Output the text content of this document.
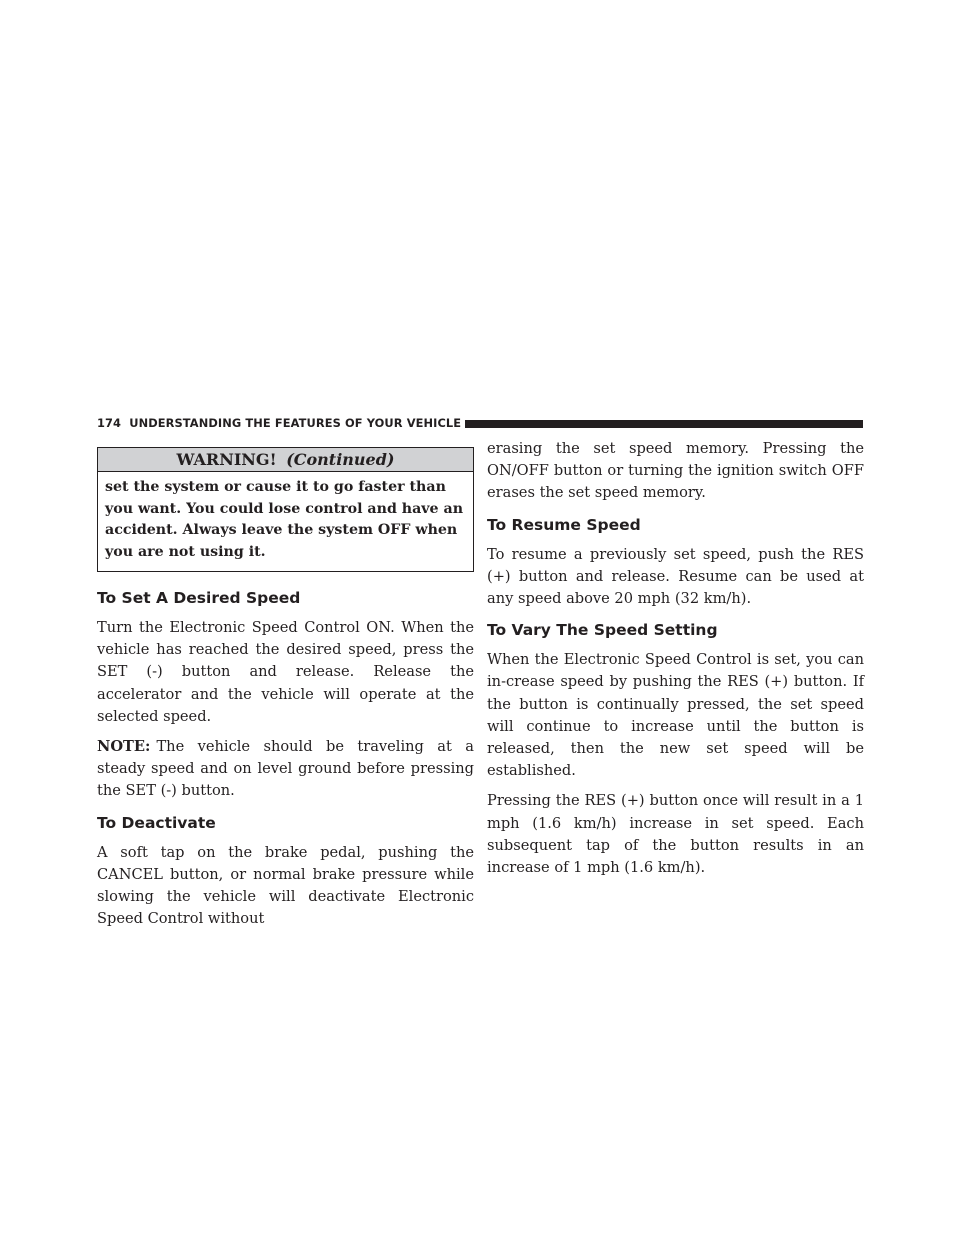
174 UNDERSTANDING THE FEATURES OF YOUR VEHICLE
WARNING! (Continued)
set the system or cause it to go faster than you want. You could lose control and have an accident. Always leave the system OFF when you are not using it.
To Set A Desired Speed

Turn the Electronic Speed Control ON. When the vehicle has reached the desired speed, press the SET (-) button and release. Release the accelerator and the vehicle will operate at the selected speed.

NOTE: The vehicle should be traveling at a steady speed and on level ground before pressing the SET (-) button.

To Deactivate

A soft tap on the brake pedal, pushing the CANCEL button, or normal brake pressure while slowing the vehicle will deactivate Electronic Speed Control without

erasing the set speed memory. Pressing the ON/OFF button or turning the ignition switch OFF erases the set speed memory.

To Resume Speed

To resume a previously set speed, push the RES (+) button and release. Resume can be used at any speed above 20 mph (32 km/h).

To Vary The Speed Setting

When the Electronic Speed Control is set, you can in-crease speed by pushing the RES (+) button. If the button is continually pressed, the set speed will continue to increase until the button is released, then the new set speed will be established.

Pressing the RES (+) button once will result in a 1 mph (1.6 km/h) increase in set speed. Each subsequent tap of the button results in an increase of 1 mph (1.6 km/h).
